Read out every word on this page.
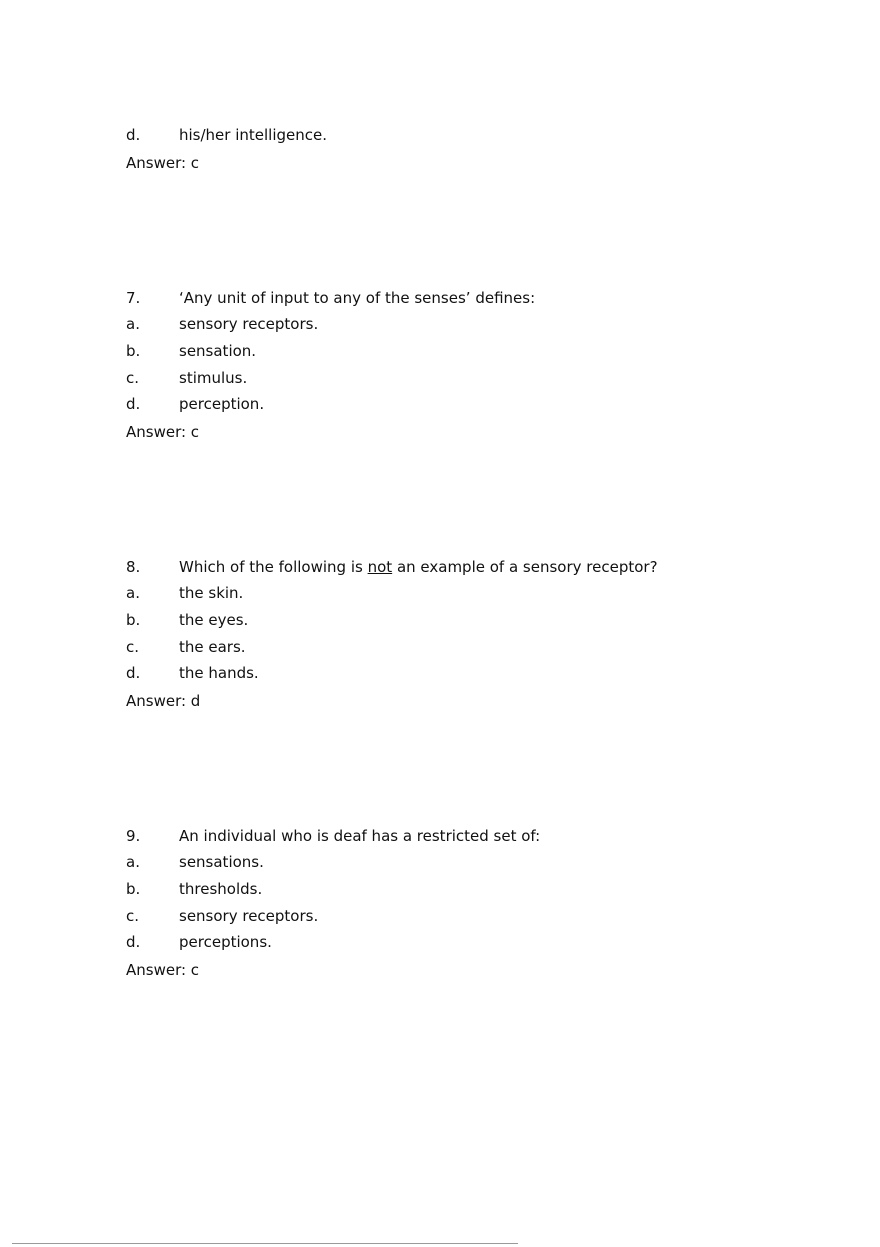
d.	his/her intelligence.
Answer: c
7.	‘Any unit of input to any of the senses’ defines:
a.	sensory receptors.
b.	sensation.
c.	stimulus.
d.	perception.
Answer: c
8.	Which of the following is not an example of a sensory receptor?
a.	the skin.
b.	the eyes.
c.	the ears.
d.	the hands.
Answer: d
9.	An individual who is deaf has a restricted set of:
a.	sensations.
b.	thresholds.
c.	sensory receptors.
d.	perceptions.
Answer: c
